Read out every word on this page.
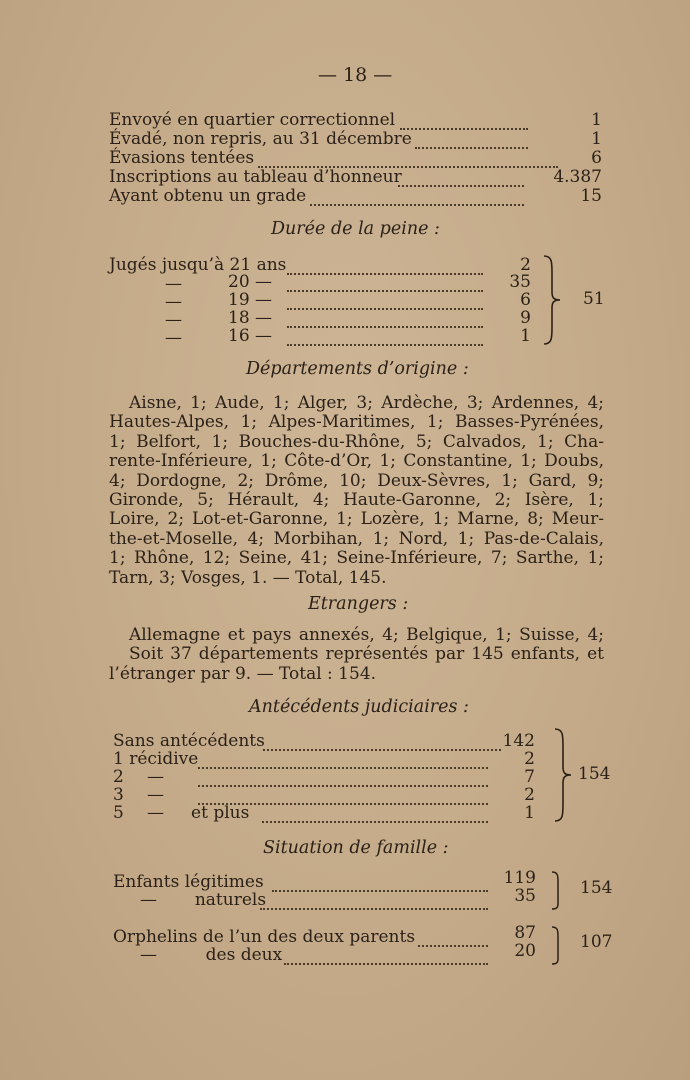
— 18 —
Envoyé en quartier correctionnel	1
Évadé, non repris, au 31 décembre	1
Évasions tentées	6
Inscriptions au tableau d’honneur	4.387
Ayant obtenu un grade	15
Durée de la peine :
Jugés jusqu’à 21 ans	2
—	20 —	35
—	19 —	6
—	18 —	9
—	16 —	1
51
Départements d’origine :
Aisne, 1; Aude, 1; Alger, 3; Ardèche, 3; Ardennes, 4;
Hautes-Alpes, 1; Alpes-Maritimes, 1; Basses-Pyrénées,
1; Belfort, 1; Bouches-du-Rhône, 5; Calvados, 1; Cha-
rente-Inférieure, 1; Côte-d’Or, 1; Constantine, 1; Doubs,
4; Dordogne, 2; Drôme, 10; Deux-Sèvres, 1; Gard, 9;
Gironde, 5; Hérault, 4; Haute-Garonne, 2; Isère, 1;
Loire, 2; Lot-et-Garonne, 1; Lozère, 1; Marne, 8; Meur-
the-et-Moselle, 4; Morbihan, 1; Nord, 1; Pas-de-Calais,
1; Rhône, 12; Seine, 41; Seine-Inférieure, 7; Sarthe, 1;
Tarn, 3; Vosges, 1. — Total, 145.
Etrangers :
Allemagne et pays annexés, 4; Belgique, 1; Suisse, 4;
Soit 37 départements représentés par 145 enfants, et
l’étranger par 9. — Total : 154.
Antécédents judiciaires :
Sans antécédents	142
1 récidive	2
2 —	7
3 —	2
5 —     et plus	1
154
Situation de famille :
Enfants légitimes	119
—       naturels	35	154
Orphelins de l’un des deux parents	87
—         des deux	20	107
